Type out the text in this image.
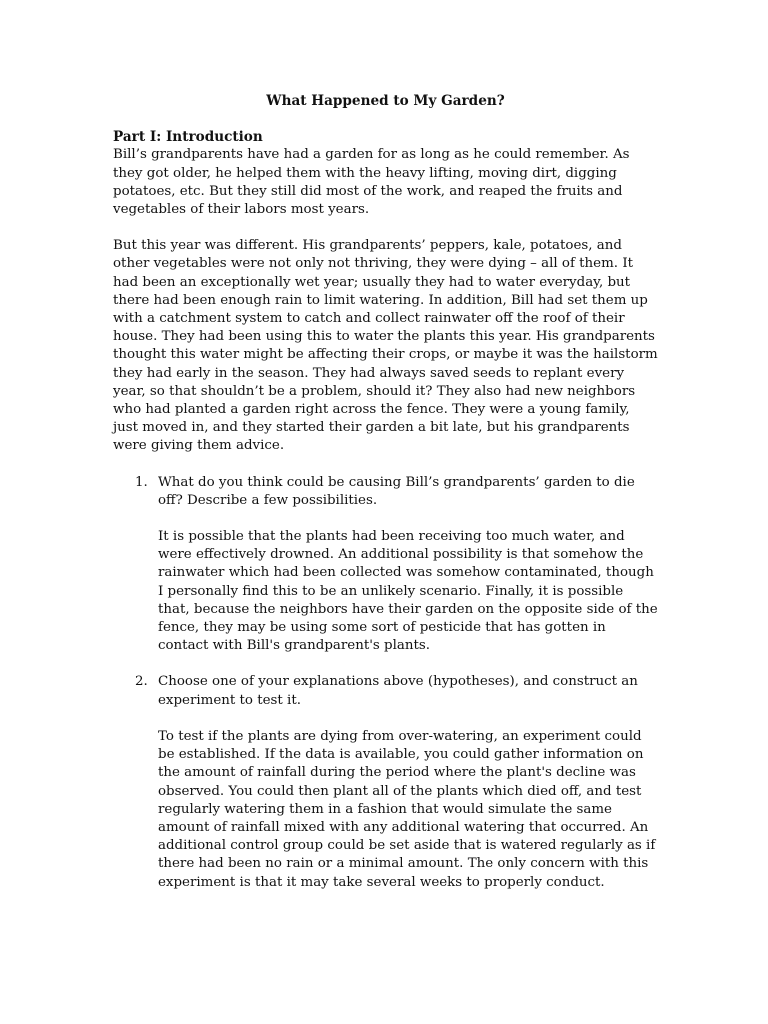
What Happened to My Garden?

Part I: Introduction

Bill’s grandparents have had a garden for as long as he could remember. As they got older, he helped them with the heavy lifting, moving dirt, digging potatoes, etc. But they still did most of the work, and reaped the fruits and vegetables of their labors most years.

But this year was different. His grandparents’ peppers, kale, potatoes, and other vegetables were not only not thriving, they were dying – all of them. It had been an exceptionally wet year; usually they had to water everyday, but there had been enough rain to limit watering. In addition, Bill had set them up with a catchment system to catch and collect rainwater off the roof of their house. They had been using this to water the plants this year. His grandparents thought this water might be affecting their crops, or maybe it was the hailstorm they had early in the season. They had always saved seeds to replant every year, so that shouldn’t be a problem, should it? They also had new neighbors who had planted a garden right across the fence. They were a young family, just moved in, and they started their garden a bit late, but his grandparents were giving them advice.

1. What do you think could be causing Bill’s grandparents’ garden to die off? Describe a few possibilities.

It is possible that the plants had been receiving too much water, and were effectively drowned. An additional possibility is that somehow the rainwater which had been collected was somehow contaminated, though I personally find this to be an unlikely scenario. Finally, it is possible that, because the neighbors have their garden on the opposite side of the fence, they may be using some sort of pesticide that has gotten in contact with Bill's grandparent's plants.

2. Choose one of your explanations above (hypotheses), and construct an experiment to test it.

To test if the plants are dying from over-watering, an experiment could be established. If the data is available, you could gather information on the amount of rainfall during the period where the plant's decline was observed. You could then plant all of the plants which died off, and test regularly watering them in a fashion that would simulate the same amount of rainfall mixed with any additional watering that occurred. An additional control group could be set aside that is watered regularly as if there had been no rain or a minimal amount. The only concern with this experiment is that it may take several weeks to properly conduct.
